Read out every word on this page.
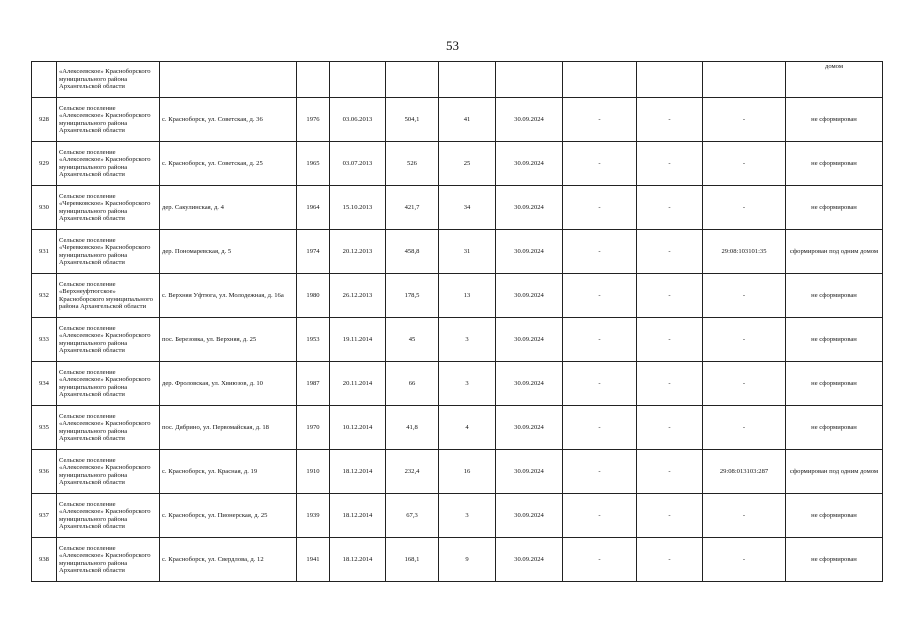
53
	«Алексеевское» Красноборского муниципального района Архангельской области										домом
928	Сельское поселение «Алексеевское» Красноборского муниципального района Архангельской области	с. Красноборск, ул. Советская, д. 36	1976	03.06.2013	504,1	41	30.09.2024	-	-	-	не сформирован
929	Сельское поселение «Алексеевское» Красноборского муниципального района Архангельской области	с. Красноборск, ул. Советская, д. 25	1965	03.07.2013	526	25	30.09.2024	-	-	-	не сформирован
930	Сельское поселение «Черевковское» Красноборского муниципального района Архангельской области	дер. Сакулинская, д. 4	1964	15.10.2013	421,7	34	30.09.2024	-	-	-	не сформирован
931	Сельское поселение «Черевковское» Красноборского муниципального района Архангельской области	дер. Пономаревская, д. 5	1974	20.12.2013	458,8	31	30.09.2024	-	-	29:08:103101:35	сформирован под одним домом
932	Сельское поселение «Верхнеуфтюгское» Красноборского муниципального района Архангельской области	с. Верхняя Уфтюга, ул. Молодежная, д. 16а	1980	26.12.2013	178,5	13	30.09.2024	-	-	-	не сформирован
933	Сельское поселение «Алексеевское» Красноборского муниципального района Архангельской области	пос. Березовка, ул. Верхняя, д. 25	1953	19.11.2014	45	3	30.09.2024	-	-	-	не сформирован
934	Сельское поселение «Алексеевское» Красноборского муниципального района Архангельской области	дер. Фроловская, ул. Хвиюзов, д. 10	1987	20.11.2014	66	3	30.09.2024	-	-	-	не сформирован
935	Сельское поселение «Алексеевское» Красноборского муниципального района Архангельской области	пос. Дябрино, ул. Первомайская, д. 18	1970	10.12.2014	41,8	4	30.09.2024	-	-	-	не сформирован
936	Сельское поселение «Алексеевское» Красноборского муниципального района Архангельской области	с. Красноборск, ул. Красная, д. 19	1910	18.12.2014	232,4	16	30.09.2024	-	-	29:08:013103:287	сформирован под одним домом
937	Сельское поселение «Алексеевское» Красноборского муниципального района Архангельской области	с. Красноборск, ул. Пионерская, д. 25	1939	18.12.2014	67,3	3	30.09.2024	-	-	-	не сформирован
938	Сельское поселение «Алексеевское» Красноборского муниципального района Архангельской области	с. Красноборск, ул. Свердлова, д. 12	1941	18.12.2014	168,1	9	30.09.2024	-	-	-	не сформирован
